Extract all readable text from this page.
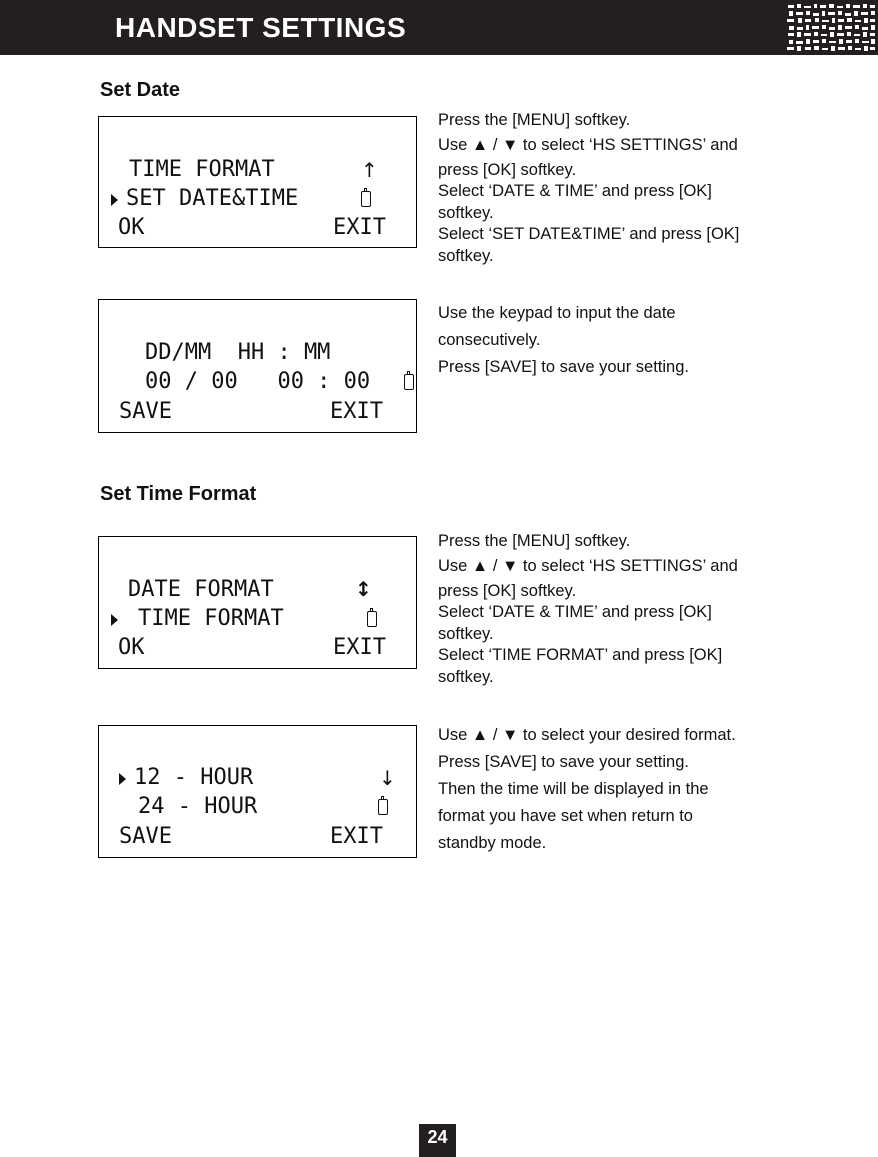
HANDSET SETTINGS
Set Date
TIME FORMAT	↑
SET DATE&TIME
OK	EXIT

Press the [MENU] softkey.

Use ▲ / ▼ to select ‘HS SETTINGS’ and

press [OK] softkey.

Select ‘DATE & TIME’ and press [OK]

softkey.

Select ‘SET DATE&TIME’ and press [OK]

softkey.

DD/MM  HH : MM
00 / 00   00 : 00
SAVE	EXIT

Use the keypad to input the date

consecutively.

Press [SAVE] to save your setting.

Set Time Format
DATE FORMAT	↕
TIME FORMAT
OK	EXIT

Press the [MENU] softkey.

Use ▲ / ▼ to select ‘HS SETTINGS’ and

press [OK] softkey.

Select ‘DATE & TIME’ and press [OK]

softkey.

Select ‘TIME FORMAT’ and press [OK]

softkey.

12 - HOUR	↓
24 - HOUR
SAVE	EXIT

Use ▲ / ▼ to select your desired format.

Press [SAVE] to save your setting.

Then the time will be displayed in the

format you have set when return to

standby mode.

24
